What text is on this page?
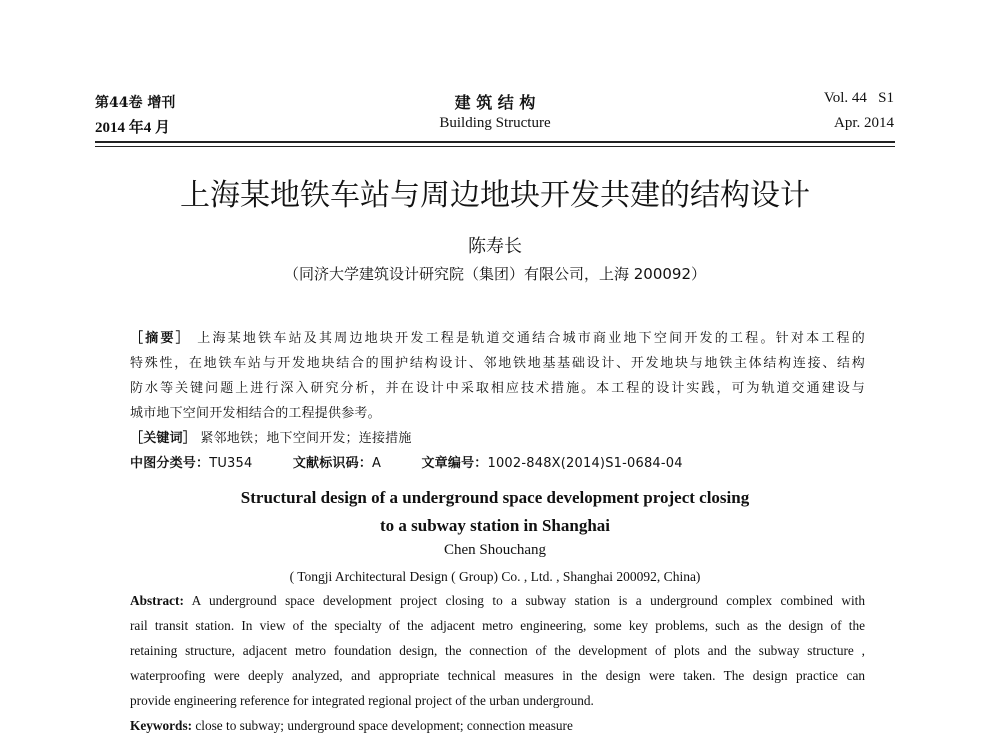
第44卷 增刊
2014 年4 月
建 筑 结 构
Building Structure
Vol. 44   S1
Apr. 2014
上海某地铁车站与周边地块开发共建的结构设计
陈寿长
（同济大学建筑设计研究院（集团）有限公司，上海 200092）
［摘要］ 上海某地铁车站及其周边地块开发工程是轨道交通结合城市商业地下空间开发的工程。针对本工程的
特殊性，在地铁车站与开发地块结合的围护结构设计、邻地铁地基基础设计、开发地块与地铁主体结构连接、结构
防水等关键问题上进行深入研究分析，并在设计中采取相应技术措施。本工程的设计实践，可为轨道交通建设与
城市地下空间开发相结合的工程提供参考。
［关键词］ 紧邻地铁；地下空间开发；连接措施
中图分类号：TU354	文献标识码：A	文章编号：1002-848X(2014)S1-0684-04
Structural design of a underground space development project closing
to a subway station in Shanghai
Chen Shouchang
( Tongji Architectural Design ( Group) Co. , Ltd. , Shanghai 200092, China)
Abstract: A underground space development project closing to a subway station is a underground complex combined with
rail transit station. In view of the specialty of the adjacent metro engineering, some key problems, such as the design of the
retaining structure, adjacent metro foundation design, the connection of the development of plots and the subway structure ,
waterproofing were deeply analyzed, and appropriate technical measures in the design were taken. The design practice can
provide engineering reference for integrated regional project of the urban underground.
Keywords: close to subway; underground space development; connection measure
